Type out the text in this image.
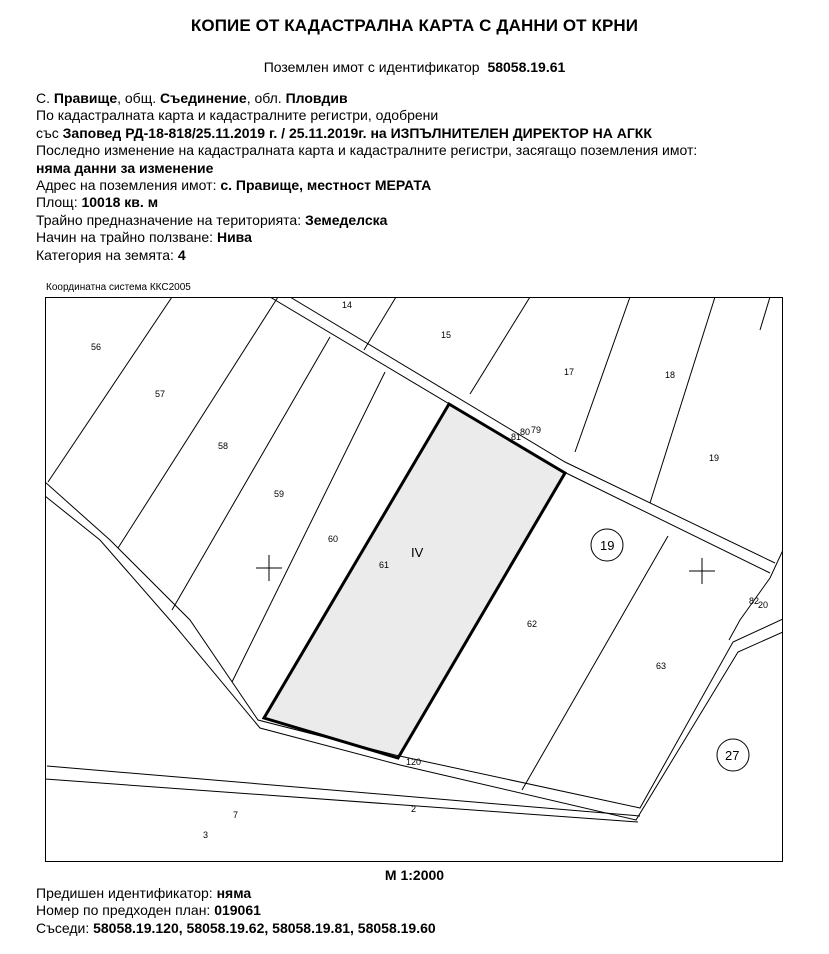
КОПИЕ ОТ КАДАСТРАЛНА КАРТА С ДАННИ ОТ КРНИ
Поземлен имот с идентификатор 58058.19.61
С. Правище, общ. Съединение, обл. Пловдив
По кадастралната карта и кадастралните регистри, одобрени
със Заповед РД-18-818/25.11.2019 г. / 25.11.2019г. на ИЗПЪЛНИТЕЛЕН ДИРЕКТОР НА АГКК
Последно изменение на кадастралната карта и кадастралните регистри, засягащо поземления имот:
няма данни за изменение
Адрес на поземления имот: с. Правище, местност МЕРАТА
Площ: 10018 кв. м
Трайно предназначение на територията: Земеделска
Начин на трайно ползване: Нива
Категория на земята: 4
Координатна система ККС2005
14
15
17	18
19
56
57
58
59
60
61
62
63
2
3
7
120
79
80
81
82
20
IV	19
27
М 1:2000
Предишен идентификатор: няма
Номер по предходен план: 019061
Съседи: 58058.19.120, 58058.19.62, 58058.19.81, 58058.19.60
